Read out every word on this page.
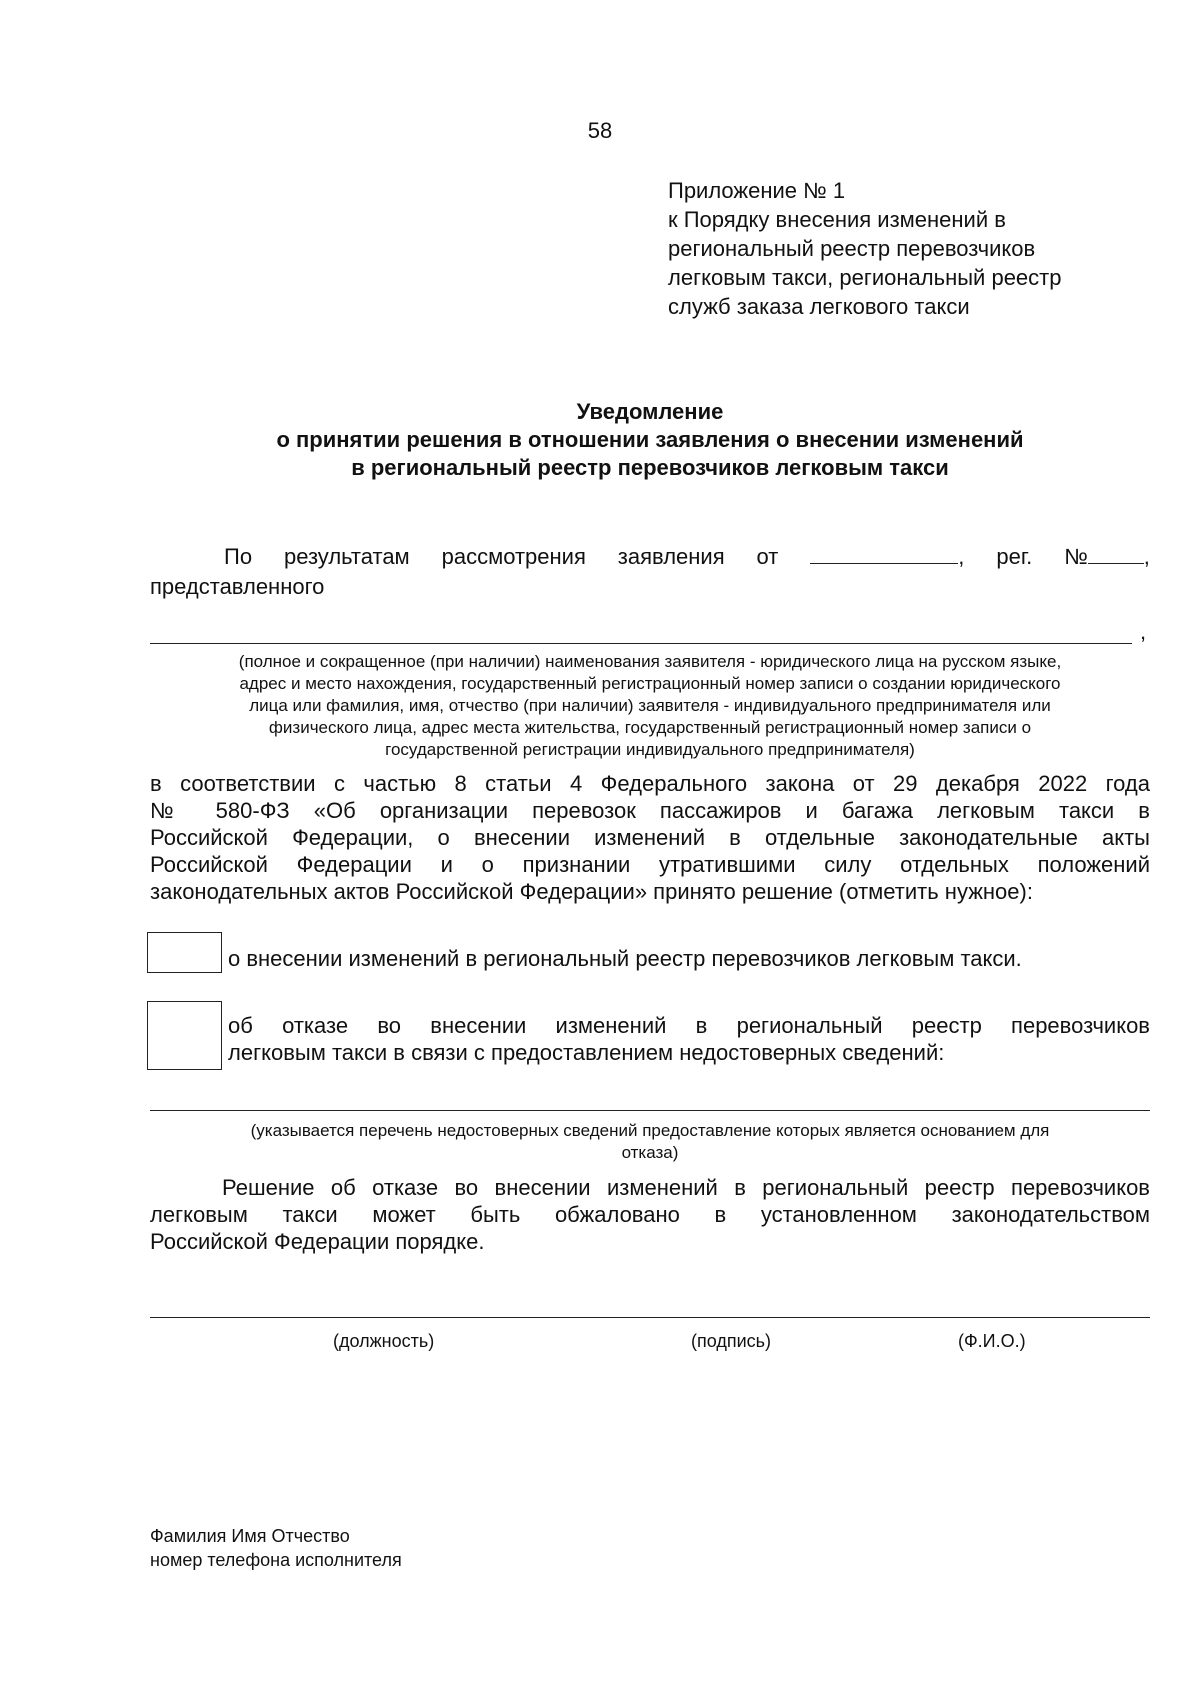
58
Приложение № 1
к Порядку внесения изменений в
региональный реестр перевозчиков
легковым такси, региональный реестр
служб заказа легкового такси
Уведомление
о принятии решения в отношении заявления о внесении изменений
в региональный реестр перевозчиков легковым такси
По результатам рассмотрения заявления от	, рег. №	,
представленного
,
(полное и сокращенное (при наличии) наименования заявителя - юридического лица на русском языке,
адрес и место нахождения, государственный регистрационный номер записи о создании юридического
лица или фамилия, имя, отчество (при наличии) заявителя - индивидуального предпринимателя или
физического лица, адрес места жительства, государственный регистрационный номер записи о
государственной регистрации индивидуального предпринимателя)
в соответствии с частью 8 статьи 4 Федерального закона от 29 декабря 2022 года
№ 580-ФЗ «Об организации перевозок пассажиров и багажа легковым такси в
Российской Федерации, о внесении изменений в отдельные законодательные акты
Российской Федерации и о признании утратившими силу отдельных положений
законодательных актов Российской Федерации» принято решение (отметить нужное):
о внесении изменений в региональный реестр перевозчиков легковым такси.
об отказе во внесении изменений в региональный реестр перевозчиков
легковым такси в связи с предоставлением недостоверных сведений:
(указывается перечень недостоверных сведений предоставление которых является основанием для
отказа)
Решение об отказе во внесении изменений в региональный реестр перевозчиков
легковым такси может быть обжаловано в установленном законодательством
Российской Федерации порядке.
(должность)	(подпись)	(Ф.И.О.)
Фамилия Имя Отчество
номер телефона исполнителя
